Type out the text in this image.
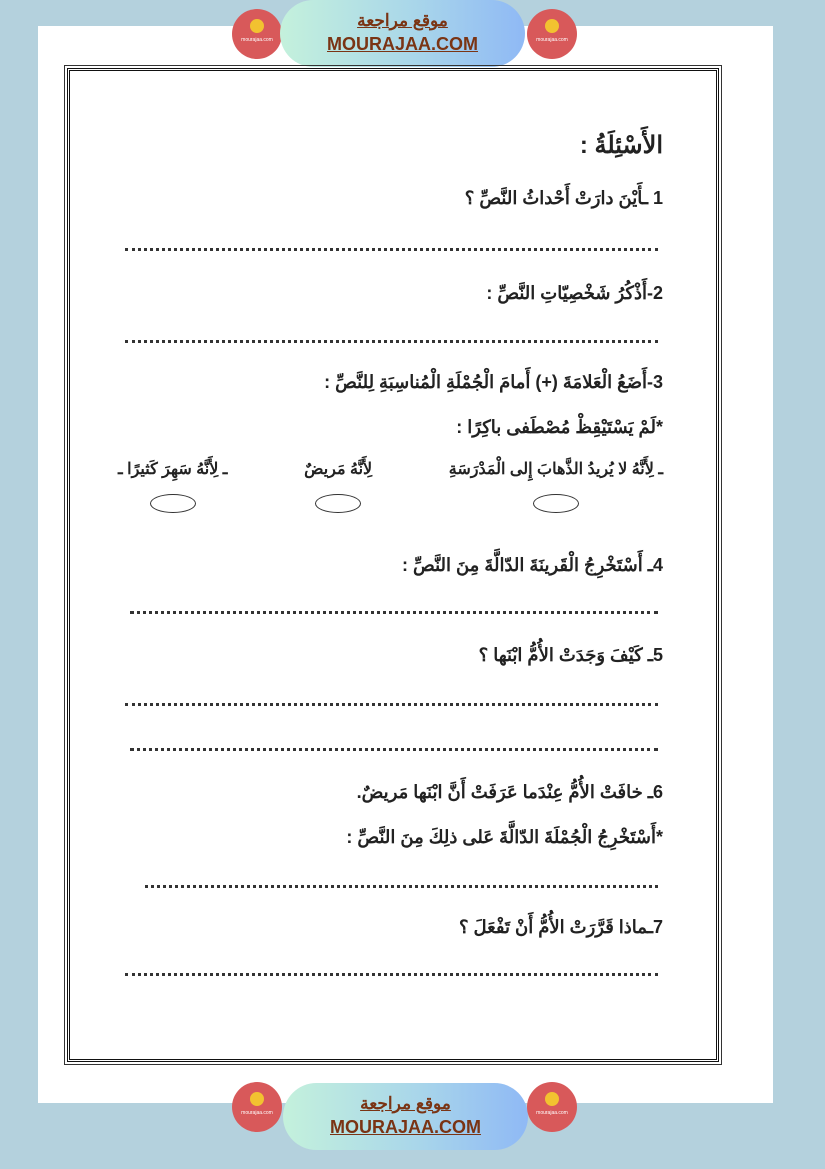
mourajaa.com
موقع مراجعة
MOURAJAA.COM	mourajaa.com
الأَسْئِلَةُ :
1 ـأَيْنَ دارَتْ أَحْداثُ النَّصِّ ؟
2-أَذْكُرُ شَخْصِيّاتِ النَّصِّ :
3-أَضَعُ الْعَلامَةَ (+) أَمامَ الْجُمْلَةِ الْمُناسِبَةِ لِلنَّصِّ :
*لَمْ يَسْتَيْقِظْ مُصْطَفى باكِرًا :
ـ لِأَنَّهُ لا يُريدُ الذَّهابَ إِلى الْمَدْرَسَةِ
لِأَنَّهُ مَريضٌ
ـ لِأَنَّهُ سَهِرَ كَثيرًا ـ
4ـ أَسْتَخْرِجُ الْقَرينَةَ الدّالَّةَ مِنَ النَّصِّ :
5ـ كَيْفَ وَجَدَتْ الأُمُّ ابْنَها ؟
6ـ خافَتْ الأُمُّ عِنْدَما عَرَفَتْ أَنَّ ابْنَها مَريضٌ.
*أَسْتَخْرِجُ الْجُمْلَةَ الدّالَّةَ عَلى ذلِكَ مِنَ النَّصِّ :
7ـماذا قَرَّرَتْ الأُمُّ أَنْ تَفْعَلَ ؟
mourajaa.com	موقع مراجعة
MOURAJAA.COM
mourajaa.com
